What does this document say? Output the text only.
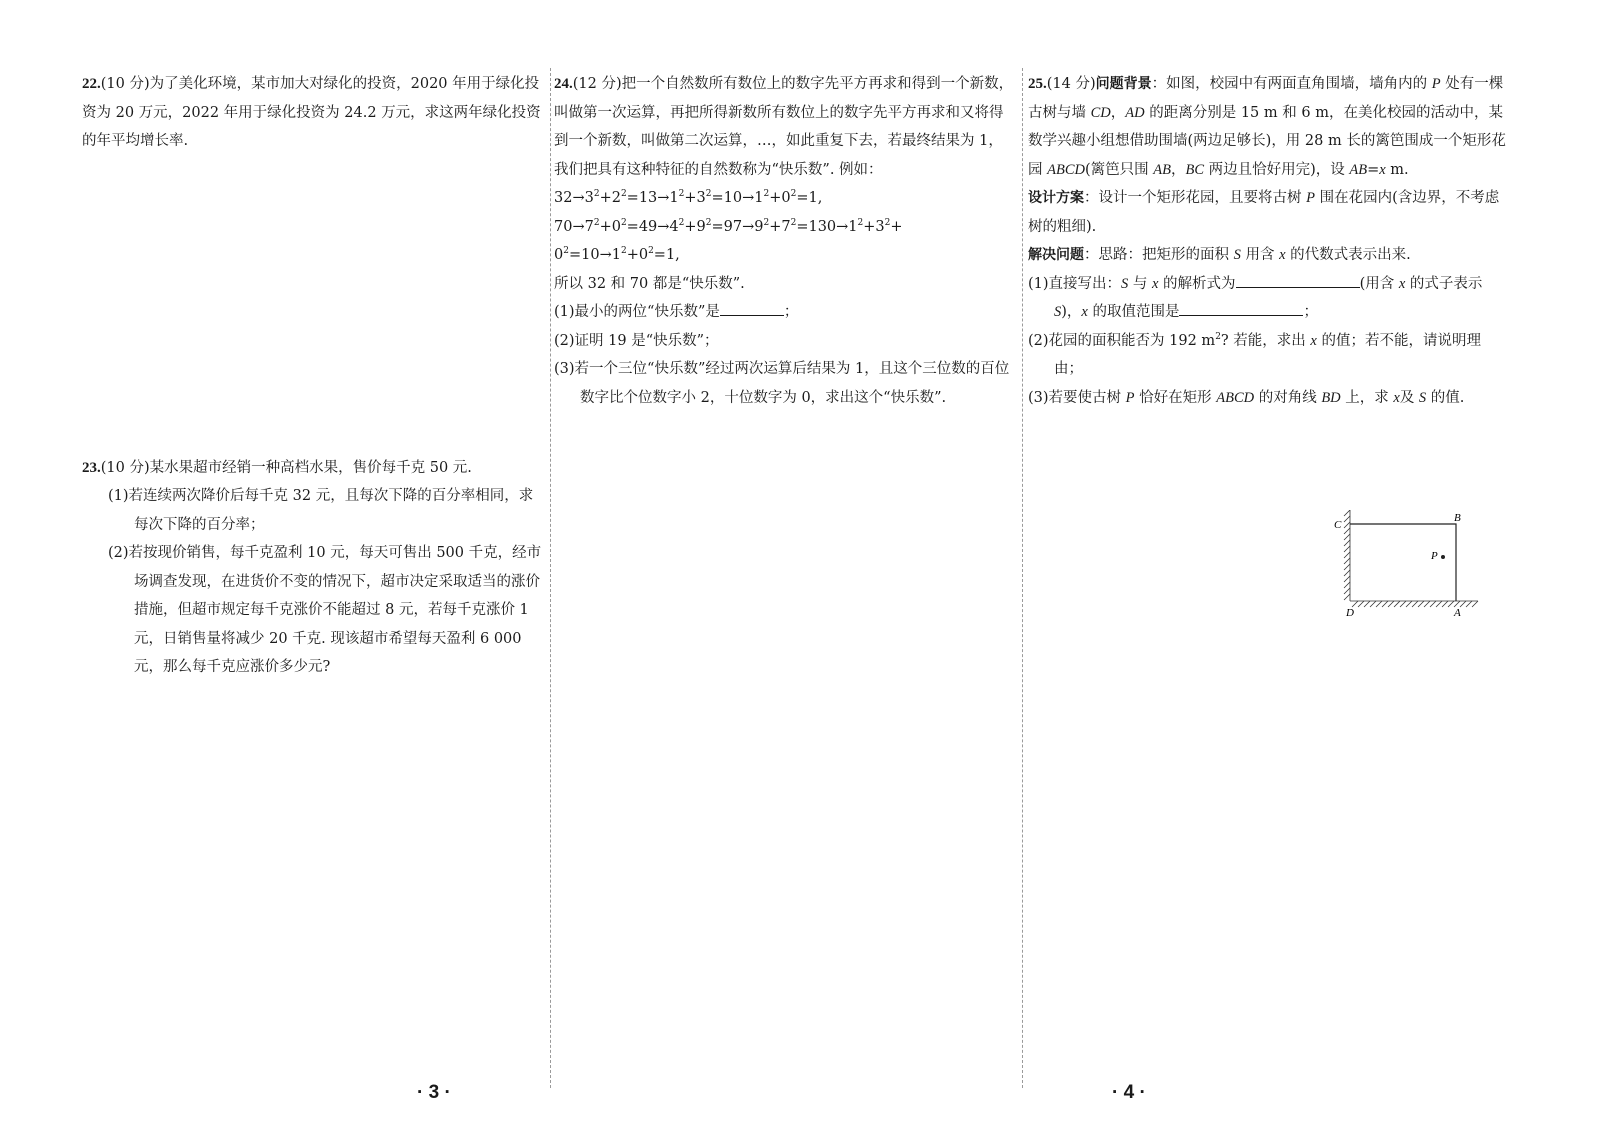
22.(10 分)为了美化环境，某市加大对绿化的投资，2020 年用于绿化投资为 20 万元，2022 年用于绿化投资为 24.2 万元，求这两年绿化投资的年平均增长率.

23.(10 分)某水果超市经销一种高档水果，售价每千克 50 元.

(1)若连续两次降价后每千克 32 元，且每次下降的百分率相同，求每次下降的百分率；

(2)若按现价销售，每千克盈利 10 元，每天可售出 500 千克，经市场调查发现，在进货价不变的情况下，超市决定采取适当的涨价措施，但超市规定每千克涨价不能超过 8 元，若每千克涨价 1 元，日销售量将减少 20 千克. 现该超市希望每天盈利 6 000 元，那么每千克应涨价多少元?

24.(12 分)把一个自然数所有数位上的数字先平方再求和得到一个新数，叫做第一次运算，再把所得新数所有数位上的数字先平方再求和又将得到一个新数，叫做第二次运算，…，如此重复下去，若最终结果为 1，我们把具有这种特征的自然数称为“快乐数”. 例如：

$32\to 3^2+2^2=13\to 1^2+3^2=10\to 1^2+0^2=1$,

$70\to 7^2+0^2=49\to 4^2+9^2=97\to 9^2+7^2=130\to 1^2+3^2+$

$0^2=10\to 1^2+0^2=1$,

所以 32 和 70 都是“快乐数”.

(1)最小的两位“快乐数”是	；

(2)证明 19 是“快乐数”；

(3)若一个三位“快乐数”经过两次运算后结果为 1，且这个三位数的百位数字比个位数字小 2，十位数字为 0，求出这个“快乐数”.

25.(14 分)问题背景：如图，校园中有两面直角围墙，墙角内的 P 处有一棵古树与墙 CD，AD 的距离分别是 15 m 和 6 m，在美化校园的活动中，某数学兴趣小组想借助围墙(两边足够长)，用 28 m 长的篱笆围成一个矩形花园 ABCD(篱笆只围 AB，BC 两边且恰好用完)，设 AB=x m.

设计方案：设计一个矩形花园，且要将古树 P 围在花园内(含边界，不考虑树的粗细).

解决问题：思路：把矩形的面积 S 用含 x 的代数式表示出来.

(1)直接写出：S 与 x 的解析式为	(用含 x 的式子表示 S)，x 的取值范围是	；

(2)花园的面积能否为 192 $m^2$? 若能，求出 x 的值；若不能，请说明理由；

(3)若要使古树 P 恰好在矩形 ABCD 的对角线 BD 上，求 x及 S 的值.

C
B
D	A
P
· 3 ·	· 4 ·
